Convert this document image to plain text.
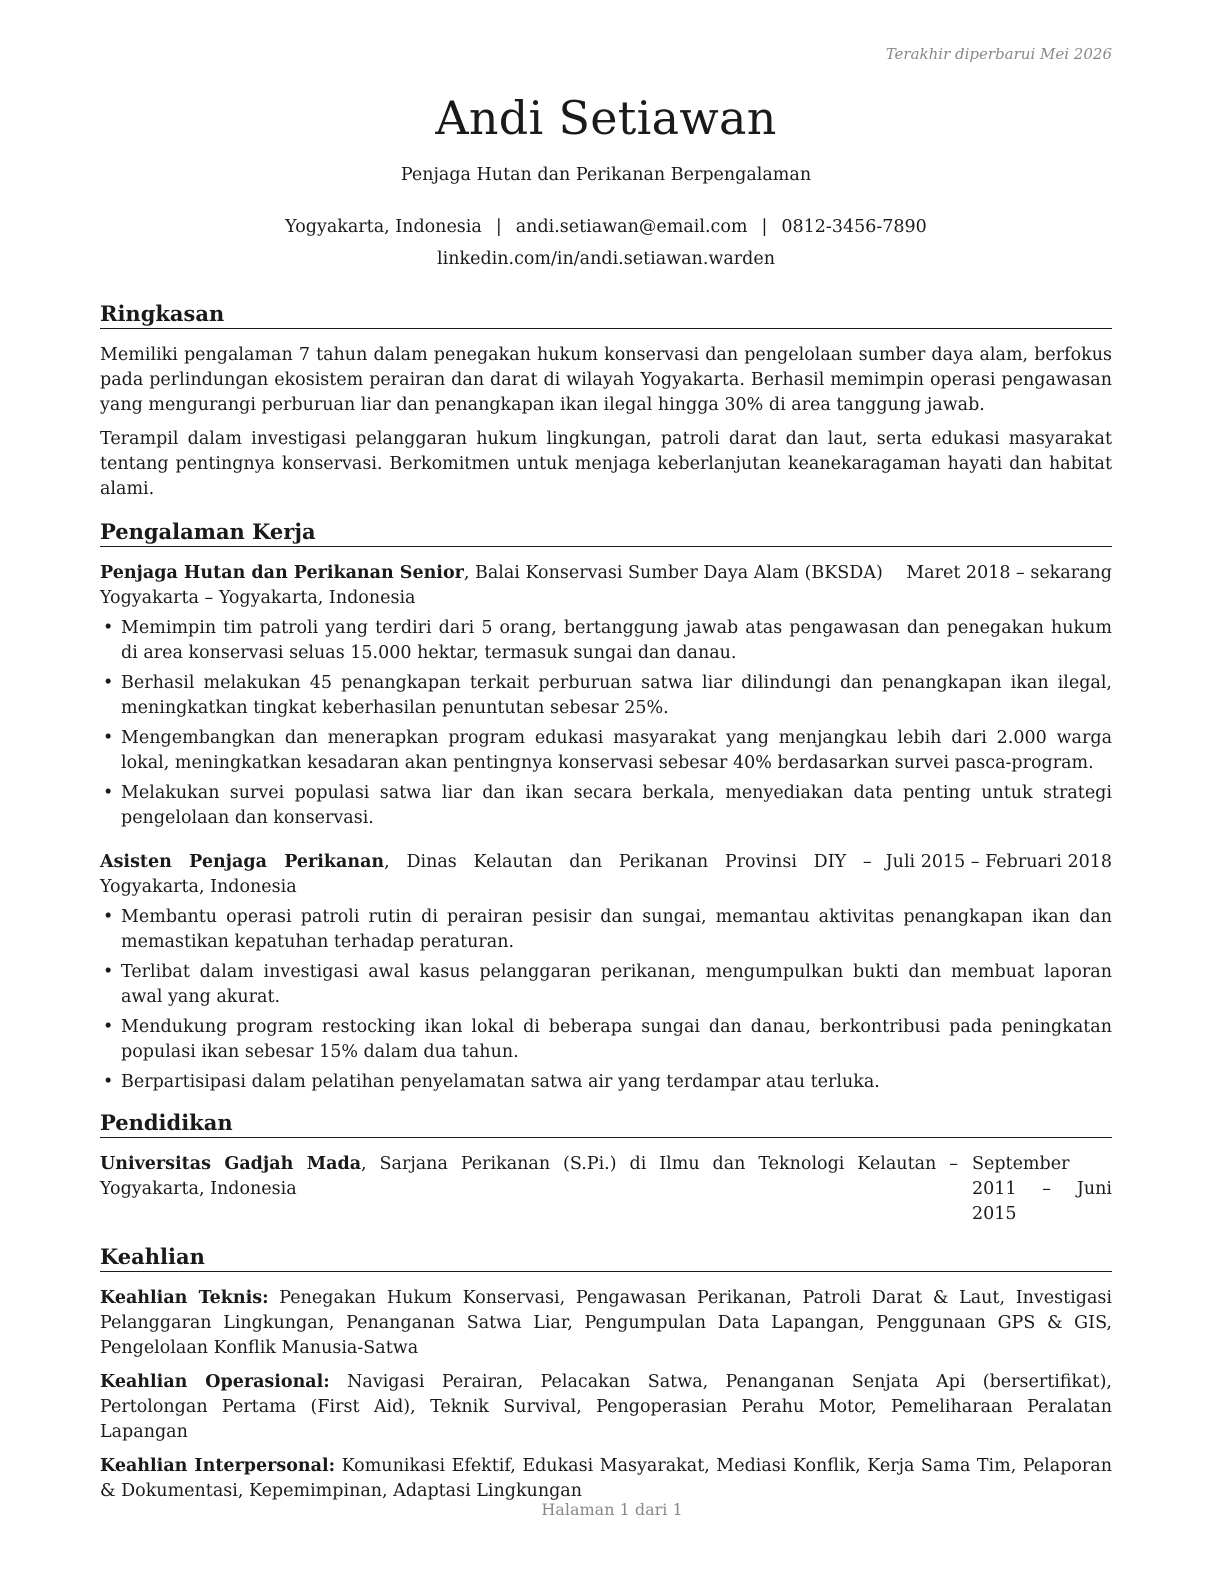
Terakhir diperbarui Mei 2026
Andi Setiawan
Penjaga Hutan dan Perikanan Berpengalaman
Yogyakarta, Indonesia | andi.setiawan@email.com | 0812-3456-7890
linkedin.com/in/andi.setiawan.warden
Ringkasan

Memiliki pengalaman 7 tahun dalam penegakan hukum konservasi dan pengelolaan sumber daya alam, berfokus pada perlindungan ekosistem perairan dan darat di wilayah Yogyakarta. Berhasil memimpin operasi pengawasan yang mengurangi perburuan liar dan penangkapan ikan ilegal hingga 30% di area tanggung jawab.

Terampil dalam investigasi pelanggaran hukum lingkungan, patroli darat dan laut, serta edukasi masyarakat tentang pentingnya konservasi. Berkomitmen untuk menjaga keberlanjutan keanekaragaman hayati dan habitat alami.

Pengalaman Kerja
Penjaga Hutan dan Perikanan Senior, Balai Konservasi Sumber Daya Alam (BKSDA)	Maret 2018 – sekarang
Yogyakarta – Yogyakarta, Indonesia
• Memimpin tim patroli yang terdiri dari 5 orang, bertanggung jawab atas pengawasan dan penegakan hukum di area konservasi seluas 15.000 hektar, termasuk sungai dan danau.
• Berhasil melakukan 45 penangkapan terkait perburuan satwa liar dilindungi dan penangkapan ikan ilegal, meningkatkan tingkat keberhasilan penuntutan sebesar 25%.
• Mengembangkan dan menerapkan program edukasi masyarakat yang menjangkau lebih dari 2.000 warga lokal, meningkatkan kesadaran akan pentingnya konservasi sebesar 40% berdasarkan survei pasca-program.
• Melakukan survei populasi satwa liar dan ikan secara berkala, menyediakan data penting untuk strategi pengelolaan dan konservasi.
Asisten Penjaga Perikanan, Dinas Kelautan dan Perikanan Provinsi DIY – Yogyakarta, Indonesia
Juli 2015 – Februari 2018
• Membantu operasi patroli rutin di perairan pesisir dan sungai, memantau aktivitas penangkapan ikan dan memastikan kepatuhan terhadap peraturan.
• Terlibat dalam investigasi awal kasus pelanggaran perikanan, mengumpulkan bukti dan membuat laporan awal yang akurat.
• Mendukung program restocking ikan lokal di beberapa sungai dan danau, berkontribusi pada peningkatan populasi ikan sebesar 15% dalam dua tahun.
• Berpartisipasi dalam pelatihan penyelamatan satwa air yang terdampar atau terluka.
Pendidikan
Universitas Gadjah Mada, Sarjana Perikanan (S.Pi.) di Ilmu dan Teknologi Kelautan – Yogyakarta, Indonesia
September 2011 – Juni 2015
Keahlian

Keahlian Teknis: Penegakan Hukum Konservasi, Pengawasan Perikanan, Patroli Darat & Laut, Investigasi Pelanggaran Lingkungan, Penanganan Satwa Liar, Pengumpulan Data Lapangan, Penggunaan GPS & GIS, Pengelolaan Konflik Manusia-Satwa

Keahlian Operasional: Navigasi Perairan, Pelacakan Satwa, Penanganan Senjata Api (bersertifikat), Pertolongan Pertama (First Aid), Teknik Survival, Pengoperasian Perahu Motor, Pemeliharaan Peralatan Lapangan

Keahlian Interpersonal: Komunikasi Efektif, Edukasi Masyarakat, Mediasi Konflik, Kerja Sama Tim, Pelaporan & Dokumentasi, Kepemimpinan, Adaptasi Lingkungan

Halaman 1 dari 1
